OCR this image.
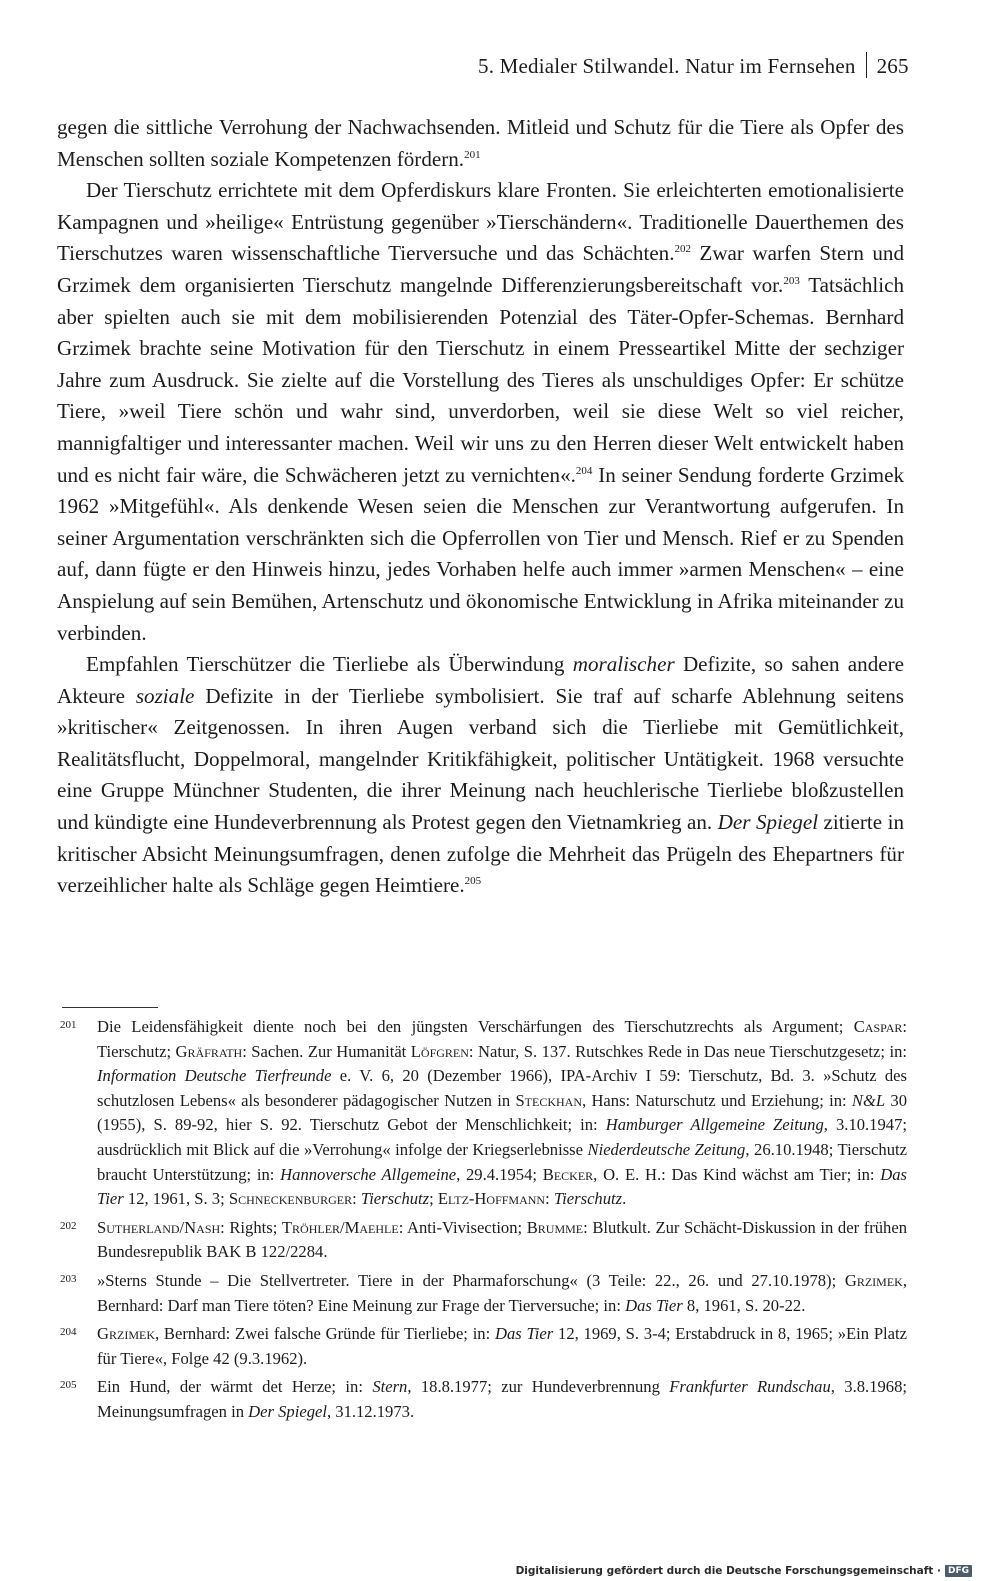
5. Medialer Stilwandel. Natur im Fernsehen 265

gegen die sittliche Verrohung der Nachwachsenden. Mitleid und Schutz für die Tiere als Opfer des Menschen sollten soziale Kompetenzen fördern.$^{201}$

Der Tierschutz errichtete mit dem Opferdiskurs klare Fronten. Sie erleichterten emotionalisierte Kampagnen und »heilige« Entrüstung gegenüber »Tierschändern«. Traditionelle Dauerthemen des Tierschutzes waren wissenschaftliche Tierversuche und das Schächten.$^{202}$ Zwar warfen Stern und Grzimek dem organisierten Tierschutz mangelnde Differenzierungsbereitschaft vor.$^{203}$ Tatsächlich aber spielten auch sie mit dem mobilisierenden Potenzial des Täter-Opfer-Schemas. Bernhard Grzimek brachte seine Motivation für den Tierschutz in einem Presseartikel Mitte der sechziger Jahre zum Ausdruck. Sie zielte auf die Vorstellung des Tieres als unschuldiges Opfer: Er schütze Tiere, »weil Tiere schön und wahr sind, unverdorben, weil sie diese Welt so viel reicher, mannigfaltiger und interessanter machen. Weil wir uns zu den Herren dieser Welt entwickelt haben und es nicht fair wäre, die Schwächeren jetzt zu vernichten«.$^{204}$ In seiner Sendung forderte Grzimek 1962 »Mitgefühl«. Als denkende Wesen seien die Menschen zur Verantwortung aufgerufen. In seiner Argumentation verschränkten sich die Opferrollen von Tier und Mensch. Rief er zu Spenden auf, dann fügte er den Hinweis hinzu, jedes Vorhaben helfe auch immer »armen Menschen« – eine Anspielung auf sein Bemühen, Artenschutz und ökonomische Entwicklung in Afrika miteinander zu verbinden.

Empfahlen Tierschützer die Tierliebe als Überwindung moralischer Defizite, so sahen andere Akteure soziale Defizite in der Tierliebe symbolisiert. Sie traf auf scharfe Ablehnung seitens »kritischer« Zeitgenossen. In ihren Augen verband sich die Tierliebe mit Gemütlichkeit, Realitätsflucht, Doppelmoral, mangelnder Kritikfähigkeit, politischer Untätigkeit. 1968 versuchte eine Gruppe Münchner Studenten, die ihrer Meinung nach heuchlerische Tierliebe bloßzustellen und kündigte eine Hundeverbrennung als Protest gegen den Vietnamkrieg an. Der Spiegel zitierte in kritischer Absicht Meinungsumfragen, denen zufolge die Mehrheit das Prügeln des Ehepartners für verzeihlicher halte als Schläge gegen Heimtiere.$^{205}$

201 Die Leidensfähigkeit diente noch bei den jüngsten Verschärfungen des Tierschutzrechts als Argument; Caspar: Tierschutz; Gräfrath: Sachen. Zur Humanität Löfgren: Natur, S. 137. Rutschkes Rede in Das neue Tierschutzgesetz; in: Information Deutsche Tierfreunde e. V. 6, 20 (Dezember 1966), IPA-Archiv I 59: Tierschutz, Bd. 3. »Schutz des schutzlosen Lebens« als besonderer pädagogischer Nutzen in Steckhan, Hans: Naturschutz und Erziehung; in: N&L 30 (1955), S. 89-92, hier S. 92. Tierschutz Gebot der Menschlichkeit; in: Hamburger Allgemeine Zeitung, 3.10.1947; ausdrücklich mit Blick auf die »Verrohung« infolge der Kriegserlebnisse Niederdeutsche Zeitung, 26.10.1948; Tierschutz braucht Unterstützung; in: Hannoversche Allgemeine, 29.4.1954; Becker, O. E. H.: Das Kind wächst am Tier; in: Das Tier 12, 1961, S. 3; Schneckenburger: Tierschutz; Eltz-Hoffmann: Tierschutz.
202 Sutherland/Nash: Rights; Tröhler/Maehle: Anti-Vivisection; Brumme: Blutkult. Zur Schächt-Diskussion in der frühen Bundesrepublik BAK B 122/2284.
203 »Sterns Stunde – Die Stellvertreter. Tiere in der Pharmaforschung« (3 Teile: 22., 26. und 27.10.1978); Grzimek, Bernhard: Darf man Tiere töten? Eine Meinung zur Frage der Tierversuche; in: Das Tier 8, 1961, S. 20-22.
204 Grzimek, Bernhard: Zwei falsche Gründe für Tierliebe; in: Das Tier 12, 1969, S. 3-4; Erstabdruck in 8, 1965; »Ein Platz für Tiere«, Folge 42 (9.3.1962).
205 Ein Hund, der wärmt det Herze; in: Stern, 18.8.1977; zur Hundeverbrennung Frankfurter Rundschau, 3.8.1968; Meinungsumfragen in Der Spiegel, 31.12.1973.
Digitalisierung gefördert durch die Deutsche Forschungsgemeinschaft · DFG
